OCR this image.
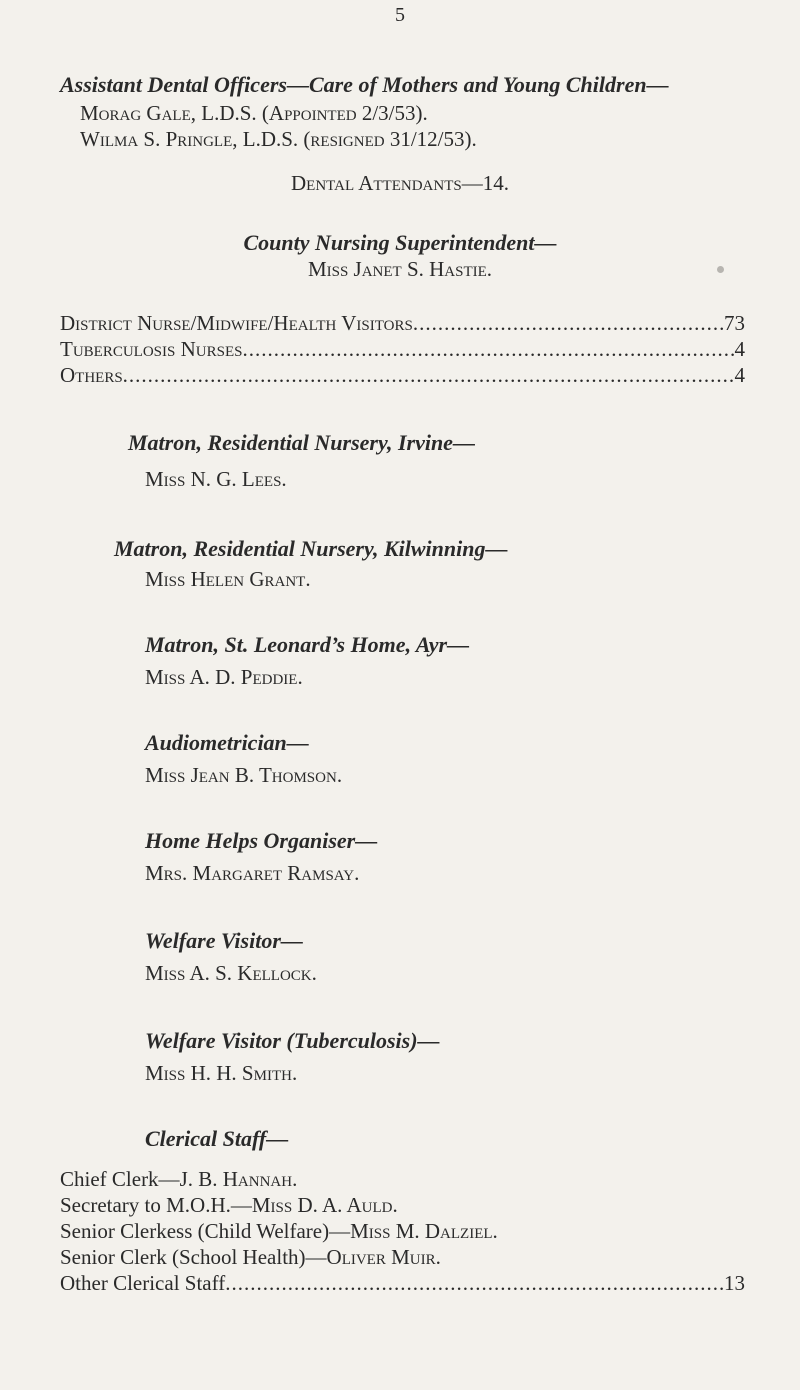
5
Assistant Dental Officers—Care of Mothers and Young Children—
Morag Gale, L.D.S. (Appointed 2/3/53).
Wilma S. Pringle, L.D.S. (resigned 31/12/53).
Dental Attendants—14.
County Nursing Superintendent—
Miss Janet S. Hastie.
District Nurse/Midwife/Health Visitors .....	73
Tuberculosis Nurses .....	4
Others .....	4
Matron, Residential Nursery, Irvine—
Miss N. G. Lees.
Matron, Residential Nursery, Kilwinning—
Miss Helen Grant.
Matron, St. Leonard’s Home, Ayr—
Miss A. D. Peddie.
Audiometrician—
Miss Jean B. Thomson.
Home Helps Organiser—
Mrs. Margaret Ramsay.
Welfare Visitor—
Miss A. S. Kellock.
Welfare Visitor (Tuberculosis)—
Miss H. H. Smith.
Clerical Staff—
Chief Clerk—J. B. Hannah.
Secretary to M.O.H.—Miss D. A. Auld.
Senior Clerkess (Child Welfare)—Miss M. Dalziel.
Senior Clerk (School Health)—Oliver Muir.
Other Clerical Staff .....	13
